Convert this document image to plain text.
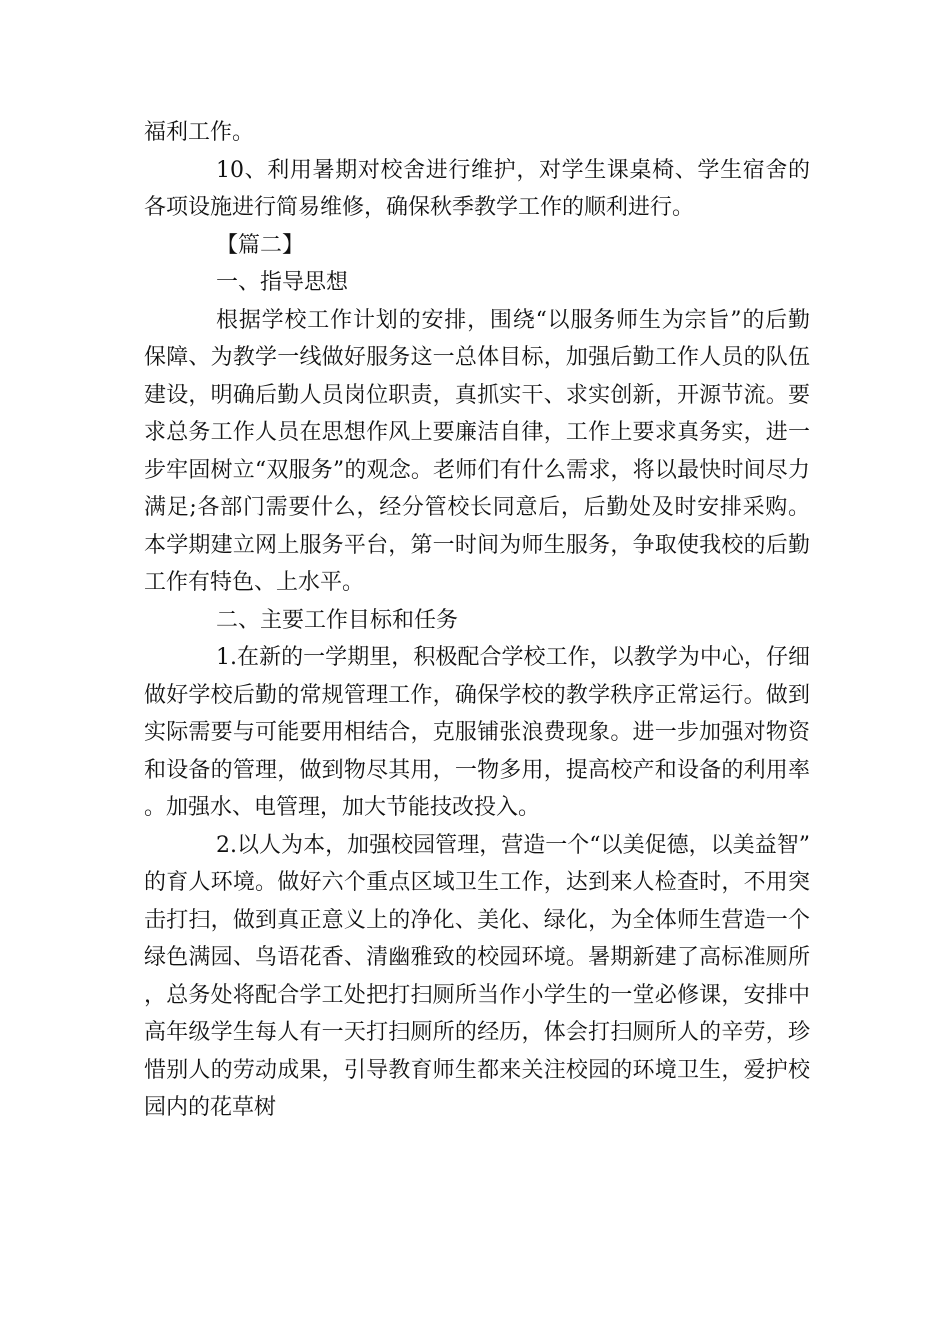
福利工作。

10、利用暑期对校舍进行维护，对学生课桌椅、学生宿舍的各项设施进行简易维修，确保秋季教学工作的顺利进行。

【篇二】

一、指导思想

根据学校工作计划的安排，围绕“以服务师生为宗旨”的后勤保障、为教学一线做好服务这一总体目标，加强后勤工作人员的队伍建设，明确后勤人员岗位职责，真抓实干、求实创新，开源节流。要求总务工作人员在思想作风上要廉洁自律，工作上要求真务实，进一步牢固树立“双服务”的观念。老师们有什么需求，将以最快时间尽力满足;各部门需要什么，经分管校长同意后，后勤处及时安排采购。本学期建立网上服务平台，第一时间为师生服务，争取使我校的后勤工作有特色、上水平。

二、主要工作目标和任务

1.在新的一学期里，积极配合学校工作，以教学为中心，仔细做好学校后勤的常规管理工作，确保学校的教学秩序正常运行。做到实际需要与可能要用相结合，克服铺张浪费现象。进一步加强对物资和设备的管理，做到物尽其用，一物多用，提高校产和设备的利用率。加强水、电管理，加大节能技改投入。

2.以人为本，加强校园管理，营造一个“以美促德，以美益智”的育人环境。做好六个重点区域卫生工作，达到来人检查时，不用突击打扫，做到真正意义上的净化、美化、绿化，为全体师生营造一个绿色满园、鸟语花香、清幽雅致的校园环境。暑期新建了高标准厕所，总务处将配合学工处把打扫厕所当作小学生的一堂必修课，安排中高年级学生每人有一天打扫厕所的经历，体会打扫厕所人的辛劳，珍惜别人的劳动成果，引导教育师生都来关注校园的环境卫生，爱护校园内的花草树
